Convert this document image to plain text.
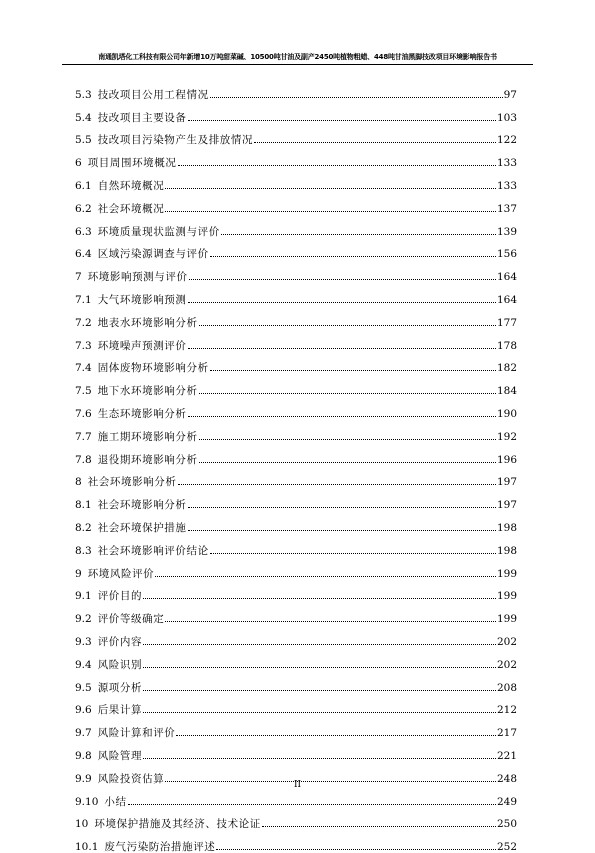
南通凯塔化工科技有限公司年新增10万吨甜菜碱、10500吨甘油及副产2450吨植物粗蜡、448吨甘油黑脚技改项目环境影响报告书
5.3 技改项目公用工程情况	97
5.4 技改项目主要设备	103
5.5 技改项目污染物产生及排放情况	122
6 项目周围环境概况	133
6.1 自然环境概况	133
6.2 社会环境概况	137
6.3 环境质量现状监测与评价	139
6.4 区域污染源调查与评价	156
7 环境影响预测与评价	164
7.1 大气环境影响预测	164
7.2 地表水环境影响分析	177
7.3 环境噪声预测评价	178
7.4 固体废物环境影响分析	182
7.5 地下水环境影响分析	184
7.6 生态环境影响分析	190
7.7 施工期环境影响分析	192
7.8 退役期环境影响分析	196
8 社会环境影响分析	197
8.1 社会环境影响分析	197
8.2 社会环境保护措施	198
8.3 社会环境影响评价结论	198
9 环境风险评价	199
9.1 评价目的	199
9.2 评价等级确定	199
9.3 评价内容	202
9.4 风险识别	202
9.5 源项分析	208
9.6 后果计算	212
9.7 风险计算和评价	217
9.8 风险管理	221
9.9 风险投资估算	248
9.10 小结	249
10 环境保护措施及其经济、技术论证	250
10.1 废气污染防治措施评述	252
II
